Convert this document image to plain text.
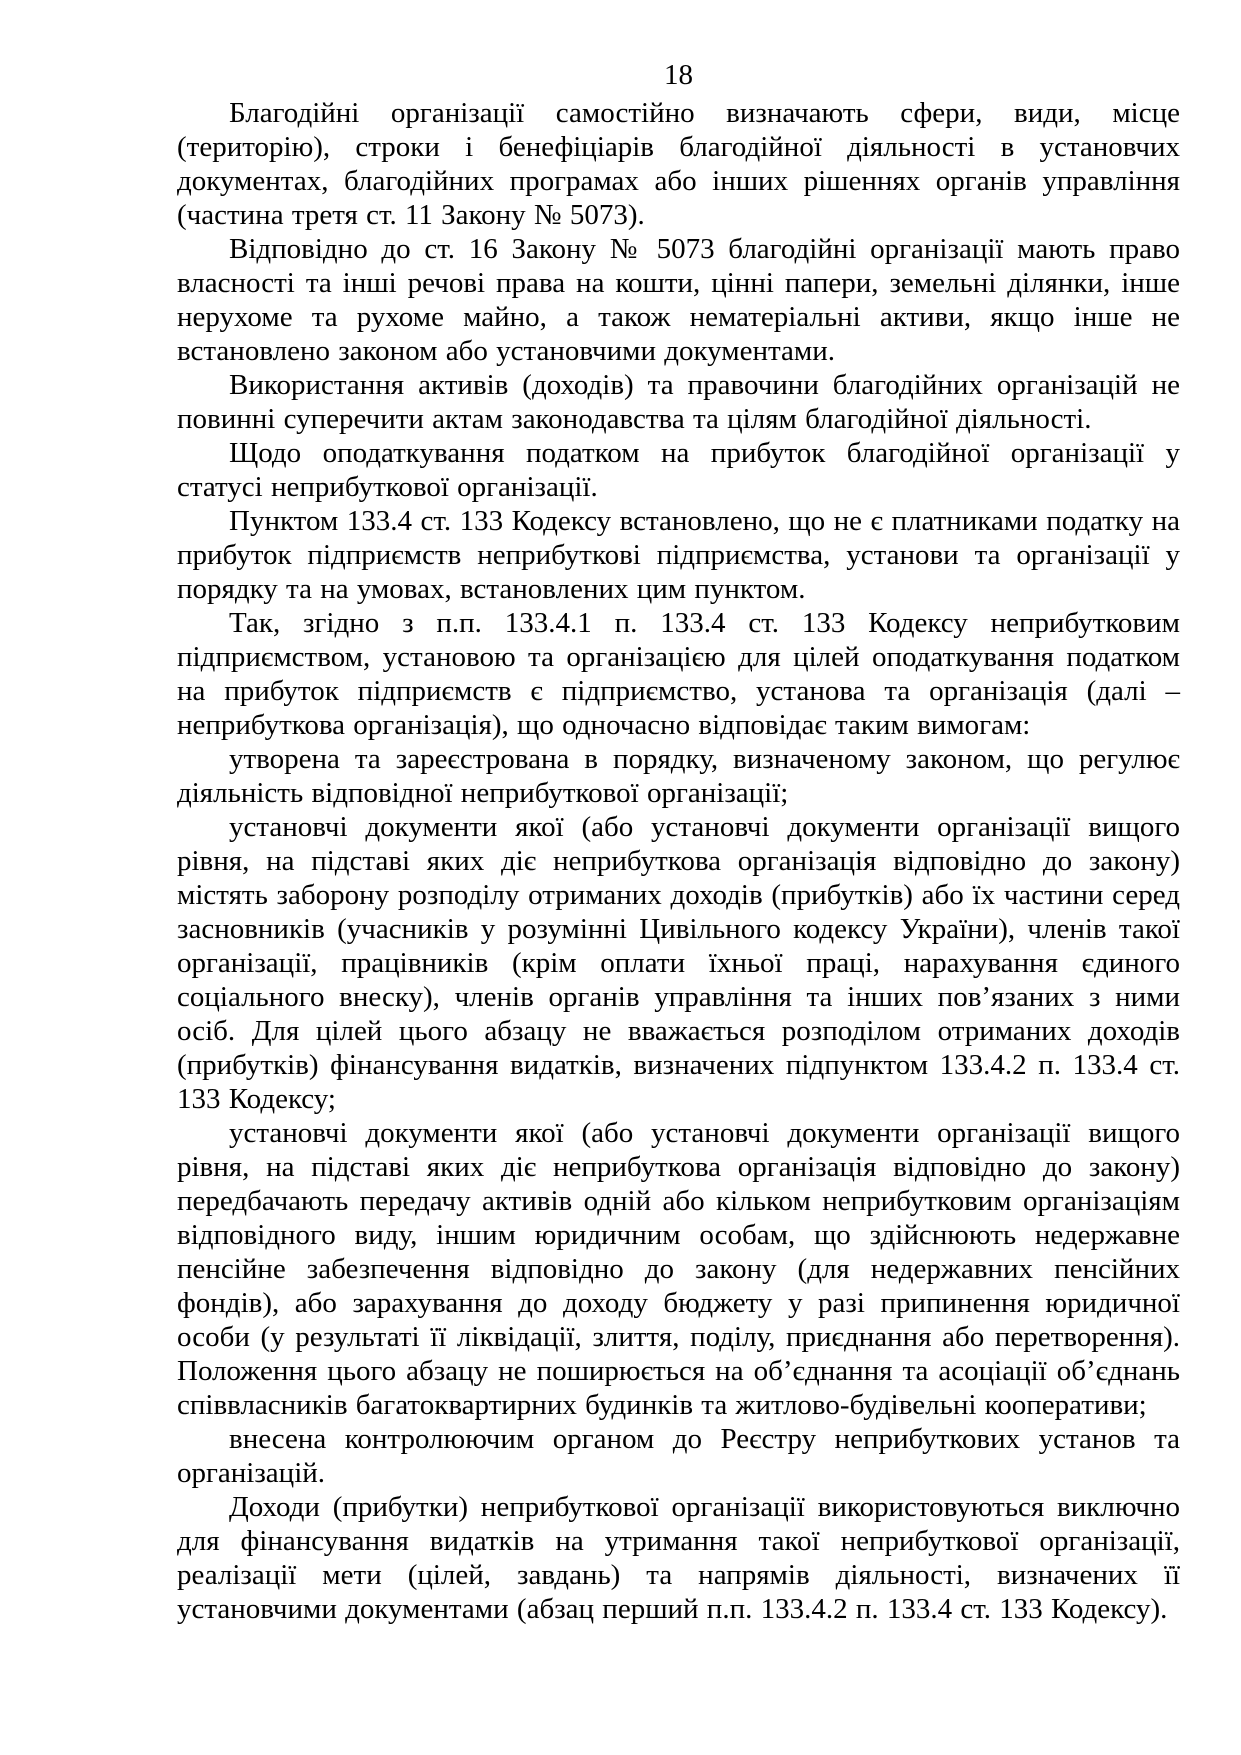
18

Благодійні організації самостійно визначають сфери, види, місце (територію), строки і бенефіціарів благодійної діяльності в установчих документах, благодійних програмах або інших рішеннях органів управління (частина третя ст. 11 Закону № 5073).

Відповідно до ст. 16 Закону № 5073 благодійні організації мають право власності та інші речові права на кошти, цінні папери, земельні ділянки, інше нерухоме та рухоме майно, а також нематеріальні активи, якщо інше не встановлено законом або установчими документами.

Використання активів (доходів) та правочини благодійних організацій не повинні суперечити актам законодавства та цілям благодійної діяльності.

Щодо оподаткування податком на прибуток благодійної організації у статусі неприбуткової організації.

Пунктом 133.4 ст. 133 Кодексу встановлено, що не є платниками податку на прибуток підприємств неприбуткові підприємства, установи та організації у порядку та на умовах, встановлених цим пунктом.

Так, згідно з п.п. 133.4.1 п. 133.4 ст. 133 Кодексу неприбутковим підприємством, установою та організацією для цілей оподаткування податком на прибуток підприємств є підприємство, установа та організація (далі – неприбуткова організація), що одночасно відповідає таким вимогам:

утворена та зареєстрована в порядку, визначеному законом, що регулює діяльність відповідної неприбуткової організації;

установчі документи якої (або установчі документи організації вищого рівня, на підставі яких діє неприбуткова організація відповідно до закону) містять заборону розподілу отриманих доходів (прибутків) або їх частини серед засновників (учасників у розумінні Цивільного кодексу України), членів такої організації, працівників (крім оплати їхньої праці, нарахування єдиного соціального внеску), членів органів управління та інших пов’язаних з ними осіб. Для цілей цього абзацу не вважається розподілом отриманих доходів (прибутків) фінансування видатків, визначених підпунктом 133.4.2 п. 133.4 ст. 133 Кодексу;

установчі документи якої (або установчі документи організації вищого рівня, на підставі яких діє неприбуткова організація відповідно до закону) передбачають передачу активів одній або кільком неприбутковим організаціям відповідного виду, іншим юридичним особам, що здійснюють недержавне пенсійне забезпечення відповідно до закону (для недержавних пенсійних фондів), або зарахування до доходу бюджету у разі припинення юридичної особи (у результаті її ліквідації, злиття, поділу, приєднання або перетворення). Положення цього абзацу не поширюється на об’єднання та асоціації об’єднань співвласників багатоквартирних будинків та житлово-будівельні кооперативи;

внесена контролюючим органом до Реєстру неприбуткових установ та організацій.

Доходи (прибутки) неприбуткової організації використовуються виключно для фінансування видатків на утримання такої неприбуткової організації, реалізації мети (цілей, завдань) та напрямів діяльності, визначених її установчими документами (абзац перший п.п. 133.4.2 п. 133.4 ст. 133 Кодексу).
